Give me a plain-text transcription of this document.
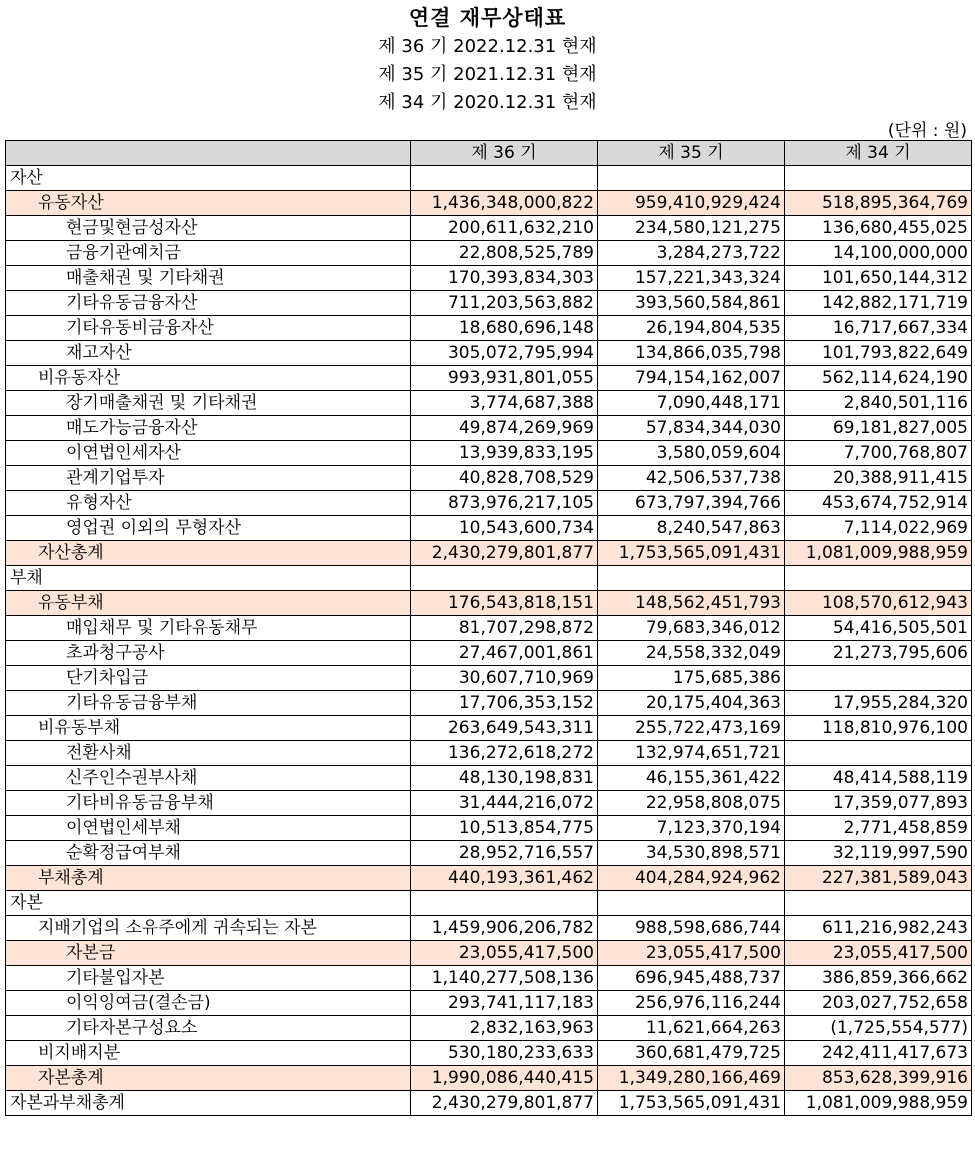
연결 재무상태표
제 36 기 2022.12.31 현재
제 35 기 2021.12.31 현재
제 34 기 2020.12.31 현재
(단위 : 원)
	제 36 기	제 35 기	제 34 기
자산			
유동자산	1,436,348,000,822	959,410,929,424	518,895,364,769
현금및현금성자산	200,611,632,210	234,580,121,275	136,680,455,025
금융기관예치금	22,808,525,789	3,284,273,722	14,100,000,000
매출채권 및 기타채권	170,393,834,303	157,221,343,324	101,650,144,312
기타유동금융자산	711,203,563,882	393,560,584,861	142,882,171,719
기타유동비금융자산	18,680,696,148	26,194,804,535	16,717,667,334
재고자산	305,072,795,994	134,866,035,798	101,793,822,649
비유동자산	993,931,801,055	794,154,162,007	562,114,624,190
장기매출채권 및 기타채권	3,774,687,388	7,090,448,171	2,840,501,116
매도가능금융자산	49,874,269,969	57,834,344,030	69,181,827,005
이연법인세자산	13,939,833,195	3,580,059,604	7,700,768,807
관계기업투자	40,828,708,529	42,506,537,738	20,388,911,415
유형자산	873,976,217,105	673,797,394,766	453,674,752,914
영업권 이외의 무형자산	10,543,600,734	8,240,547,863	7,114,022,969
자산총계	2,430,279,801,877	1,753,565,091,431	1,081,009,988,959
부채			
유동부채	176,543,818,151	148,562,451,793	108,570,612,943
매입채무 및 기타유동채무	81,707,298,872	79,683,346,012	54,416,505,501
초과청구공사	27,467,001,861	24,558,332,049	21,273,795,606
단기차입금	30,607,710,969	175,685,386	
기타유동금융부채	17,706,353,152	20,175,404,363	17,955,284,320
비유동부채	263,649,543,311	255,722,473,169	118,810,976,100
전환사채	136,272,618,272	132,974,651,721	
신주인수권부사채	48,130,198,831	46,155,361,422	48,414,588,119
기타비유동금융부채	31,444,216,072	22,958,808,075	17,359,077,893
이연법인세부채	10,513,854,775	7,123,370,194	2,771,458,859
순확정급여부채	28,952,716,557	34,530,898,571	32,119,997,590
부채총계	440,193,361,462	404,284,924,962	227,381,589,043
자본			
지배기업의 소유주에게 귀속되는 자본	1,459,906,206,782	988,598,686,744	611,216,982,243
자본금	23,055,417,500	23,055,417,500	23,055,417,500
기타불입자본	1,140,277,508,136	696,945,488,737	386,859,366,662
이익잉여금(결손금)	293,741,117,183	256,976,116,244	203,027,752,658
기타자본구성요소	2,832,163,963	11,621,664,263	(1,725,554,577)
비지배지분	530,180,233,633	360,681,479,725	242,411,417,673
자본총계	1,990,086,440,415	1,349,280,166,469	853,628,399,916
자본과부채총계	2,430,279,801,877	1,753,565,091,431	1,081,009,988,959
